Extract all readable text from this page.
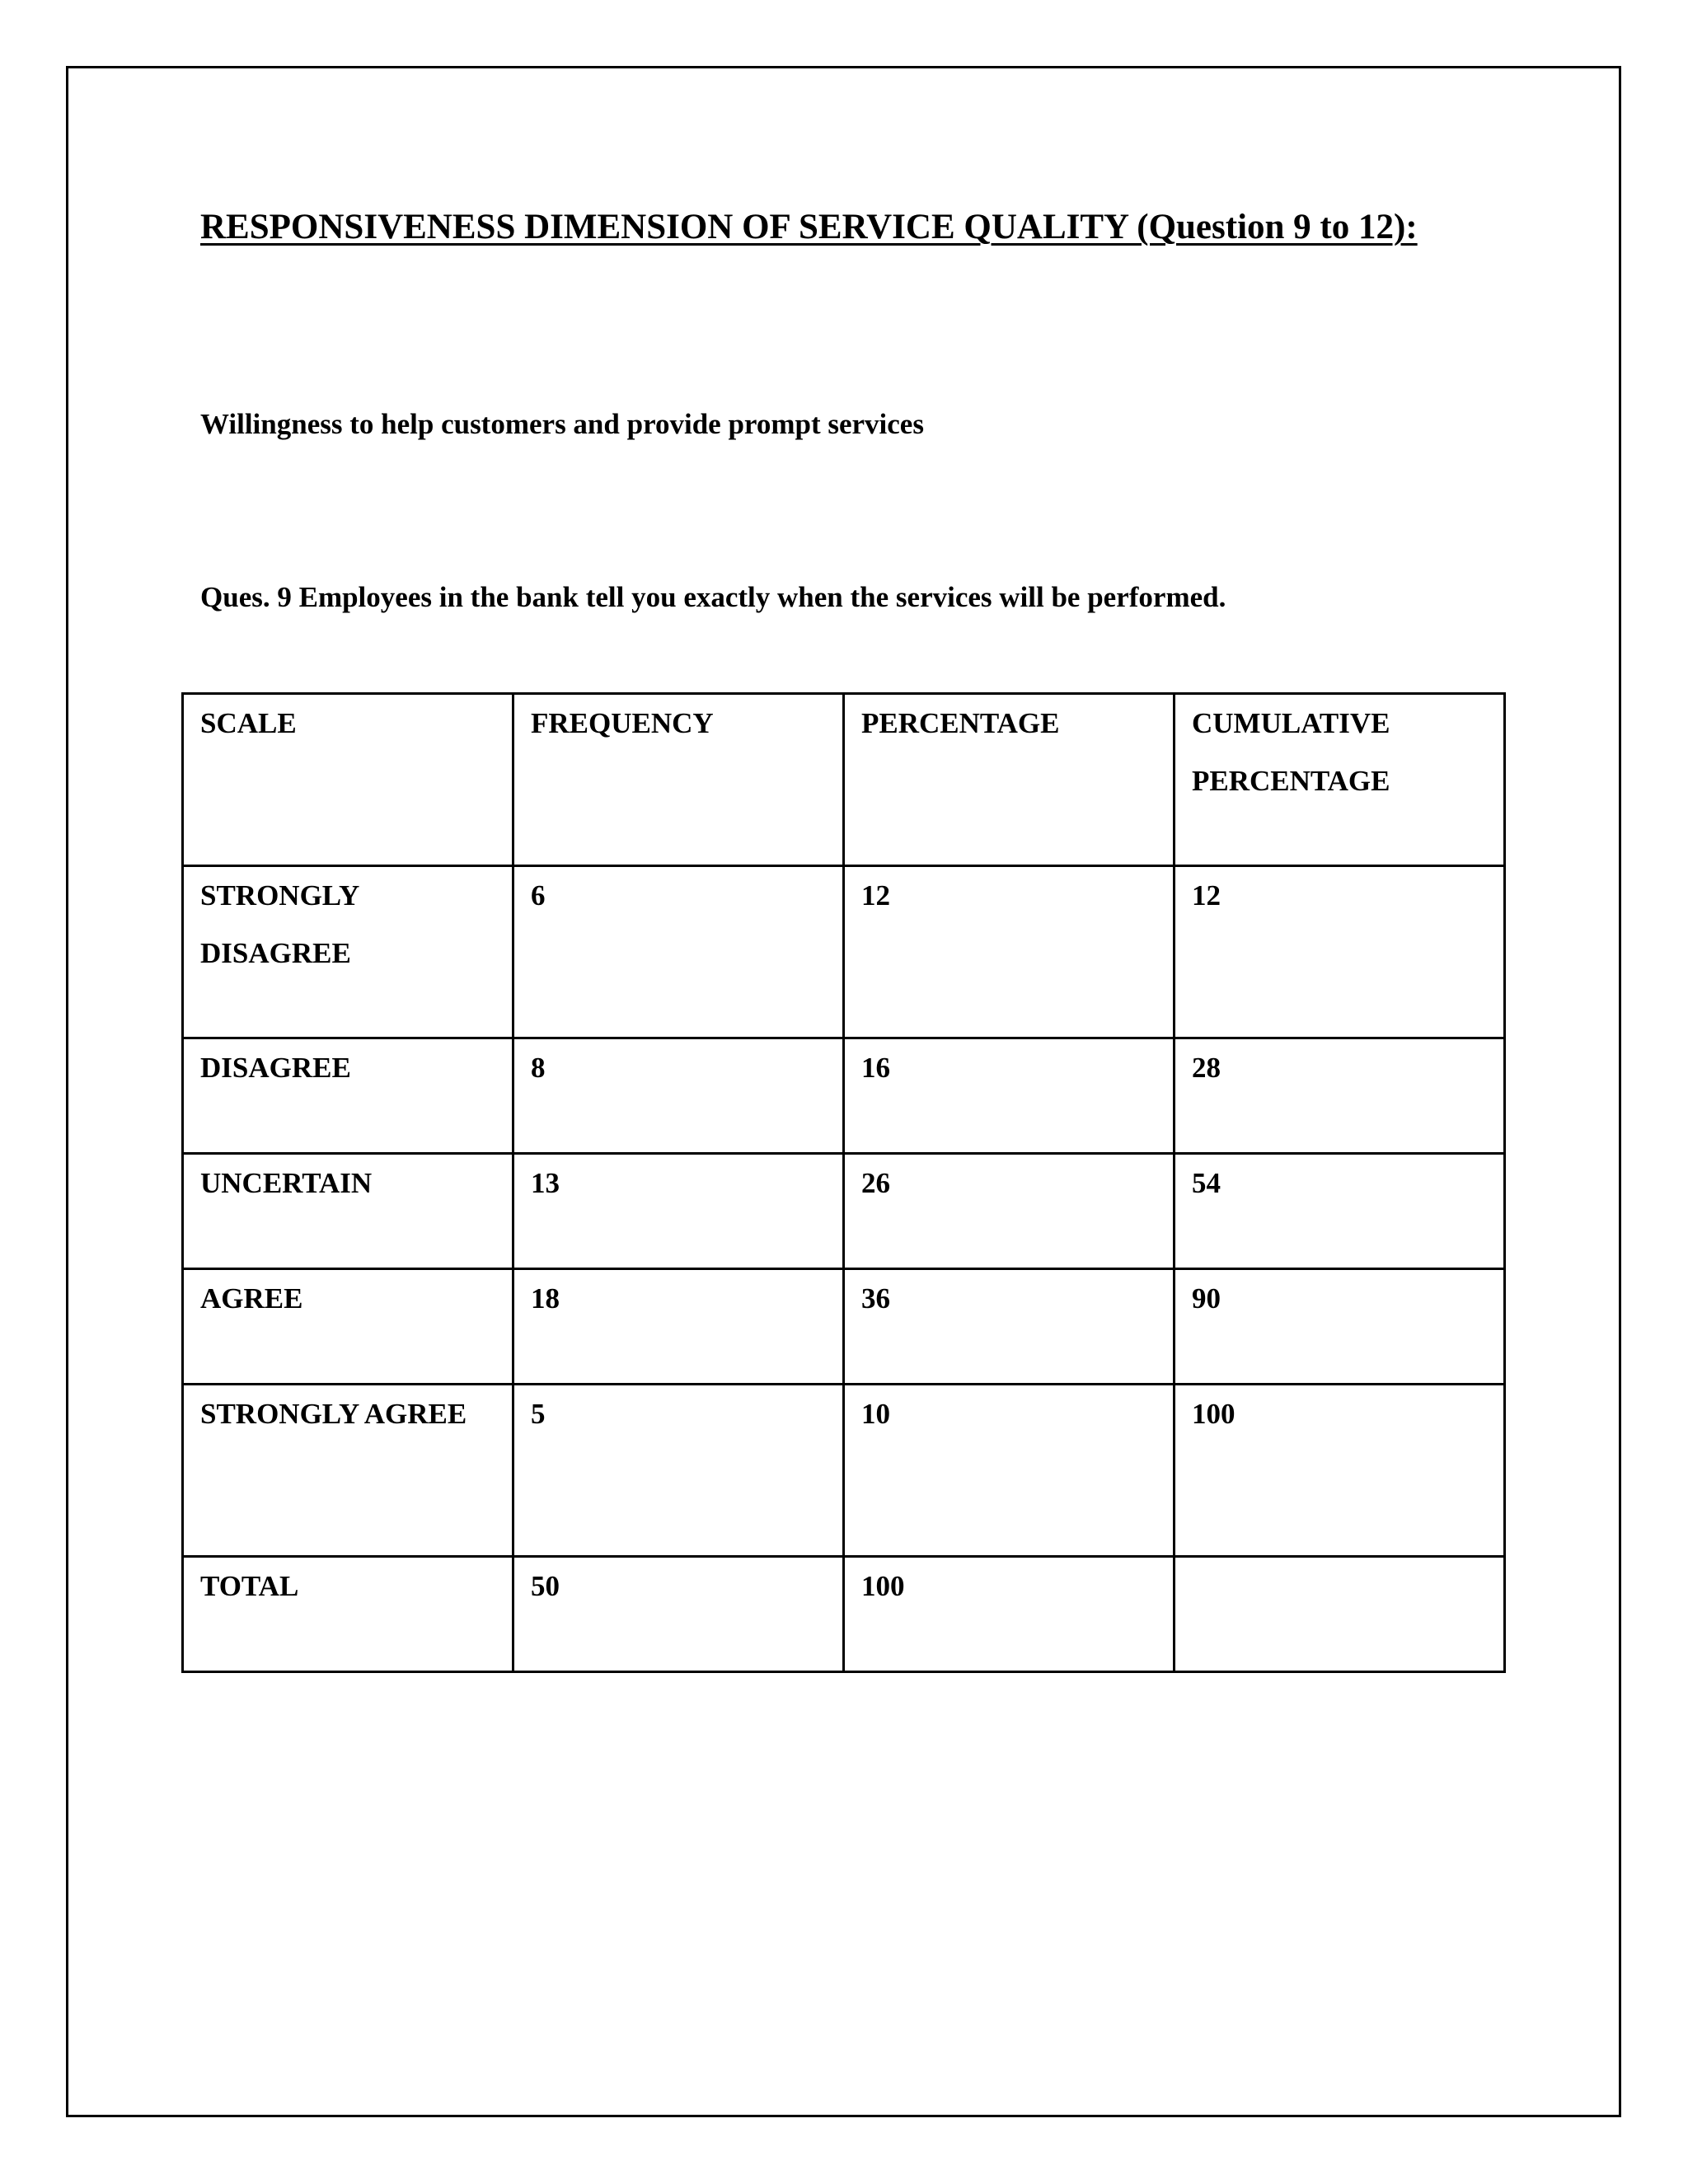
RESPONSIVENESS DIMENSION OF SERVICE QUALITY (Question 9 to 12):

Willingness to help customers and provide prompt services

Ques. 9 Employees in the bank tell you exactly when the services will be performed.

SCALE	FREQUENCY	PERCENTAGE	CUMULATIVE PERCENTAGE
STRONGLY DISAGREE	6	12	12
DISAGREE	8	16	28
UNCERTAIN	13	26	54
AGREE	18	36	90
STRONGLY AGREE	5	10	100
TOTAL	50	100	
